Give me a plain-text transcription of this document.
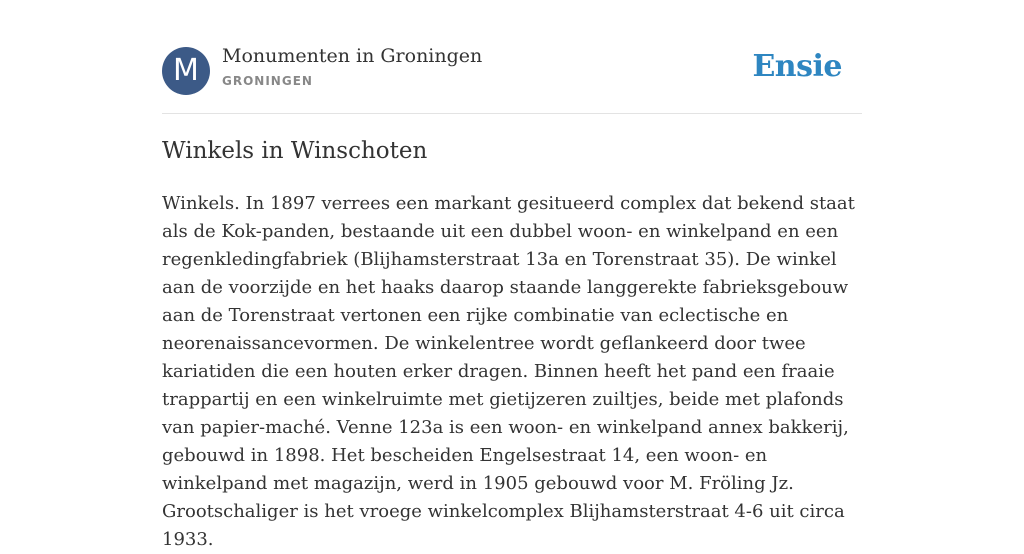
M	Monumenten in Groningen
GRONINGEN	Ensie
Winkels in Winschoten

Winkels. In 1897 verrees een markant gesitueerd complex dat bekend staat als de Kok-panden, bestaande uit een dubbel woon- en winkelpand en een regenkledingfabriek (Blijhamsterstraat 13a en Torenstraat 35). De winkel aan de voorzijde en het haaks daarop staande langgerekte fabrieksgebouw aan de Torenstraat vertonen een rijke combinatie van eclectische en neorenaissancevormen. De winkelentree wordt geflankeerd door twee kariatiden die een houten erker dragen. Binnen heeft het pand een fraaie trappartij en een winkelruimte met gietijzeren zuiltjes, beide met plafonds van papier-maché. Venne 123a is een woon- en winkelpand annex bakkerij, gebouwd in 1898. Het bescheiden Engelsestraat 14, een woon- en winkelpand met magazijn, werd in 1905 gebouwd voor M. Fröling Jz. Grootschaliger is het vroege winkelcomplex Blijhamsterstraat 4-6 uit circa 1933.
